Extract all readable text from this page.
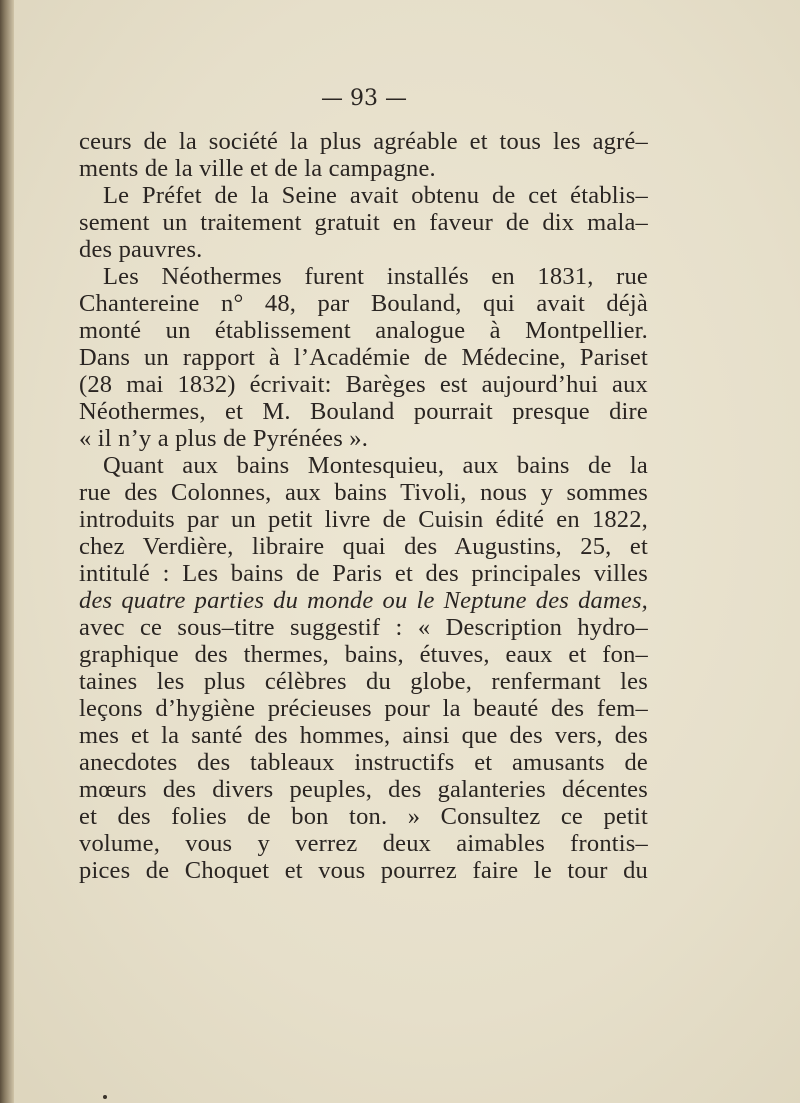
— 93 —
ceurs de la société la plus agréable et tous les agré–
ments de la ville et de la campagne.
Le Préfet de la Seine avait obtenu de cet établis–
sement un traitement gratuit en faveur de dix mala–
des pauvres.
Les Néothermes furent installés en 1831, rue
Chantereine n° 48, par Bouland, qui avait déjà
monté un établissement analogue à Montpellier.
Dans un rapport à l’Académie de Médecine, Pariset
(28 mai 1832) écrivait: Barèges est aujourd’hui aux
Néothermes, et M. Bouland pourrait presque dire
« il n’y a plus de Pyrénées ».
Quant aux bains Montesquieu, aux bains de la
rue des Colonnes, aux bains Tivoli, nous y sommes
introduits par un petit livre de Cuisin édité en 1822,
chez Verdière, libraire quai des Augustins, 25, et
intitulé : Les bains de Paris et des principales villes
des quatre parties du monde ou le Neptune des dames,
avec ce sous–titre suggestif : « Description hydro–
graphique des thermes, bains, étuves, eaux et fon–
taines les plus célèbres du globe, renfermant les
leçons d’hygiène précieuses pour la beauté des fem–
mes et la santé des hommes, ainsi que des vers, des
anecdotes des tableaux instructifs et amusants de
mœurs des divers peuples, des galanteries décentes
et des folies de bon ton. » Consultez ce petit
volume, vous y verrez deux aimables frontis–
pices de Choquet et vous pourrez faire le tour du
